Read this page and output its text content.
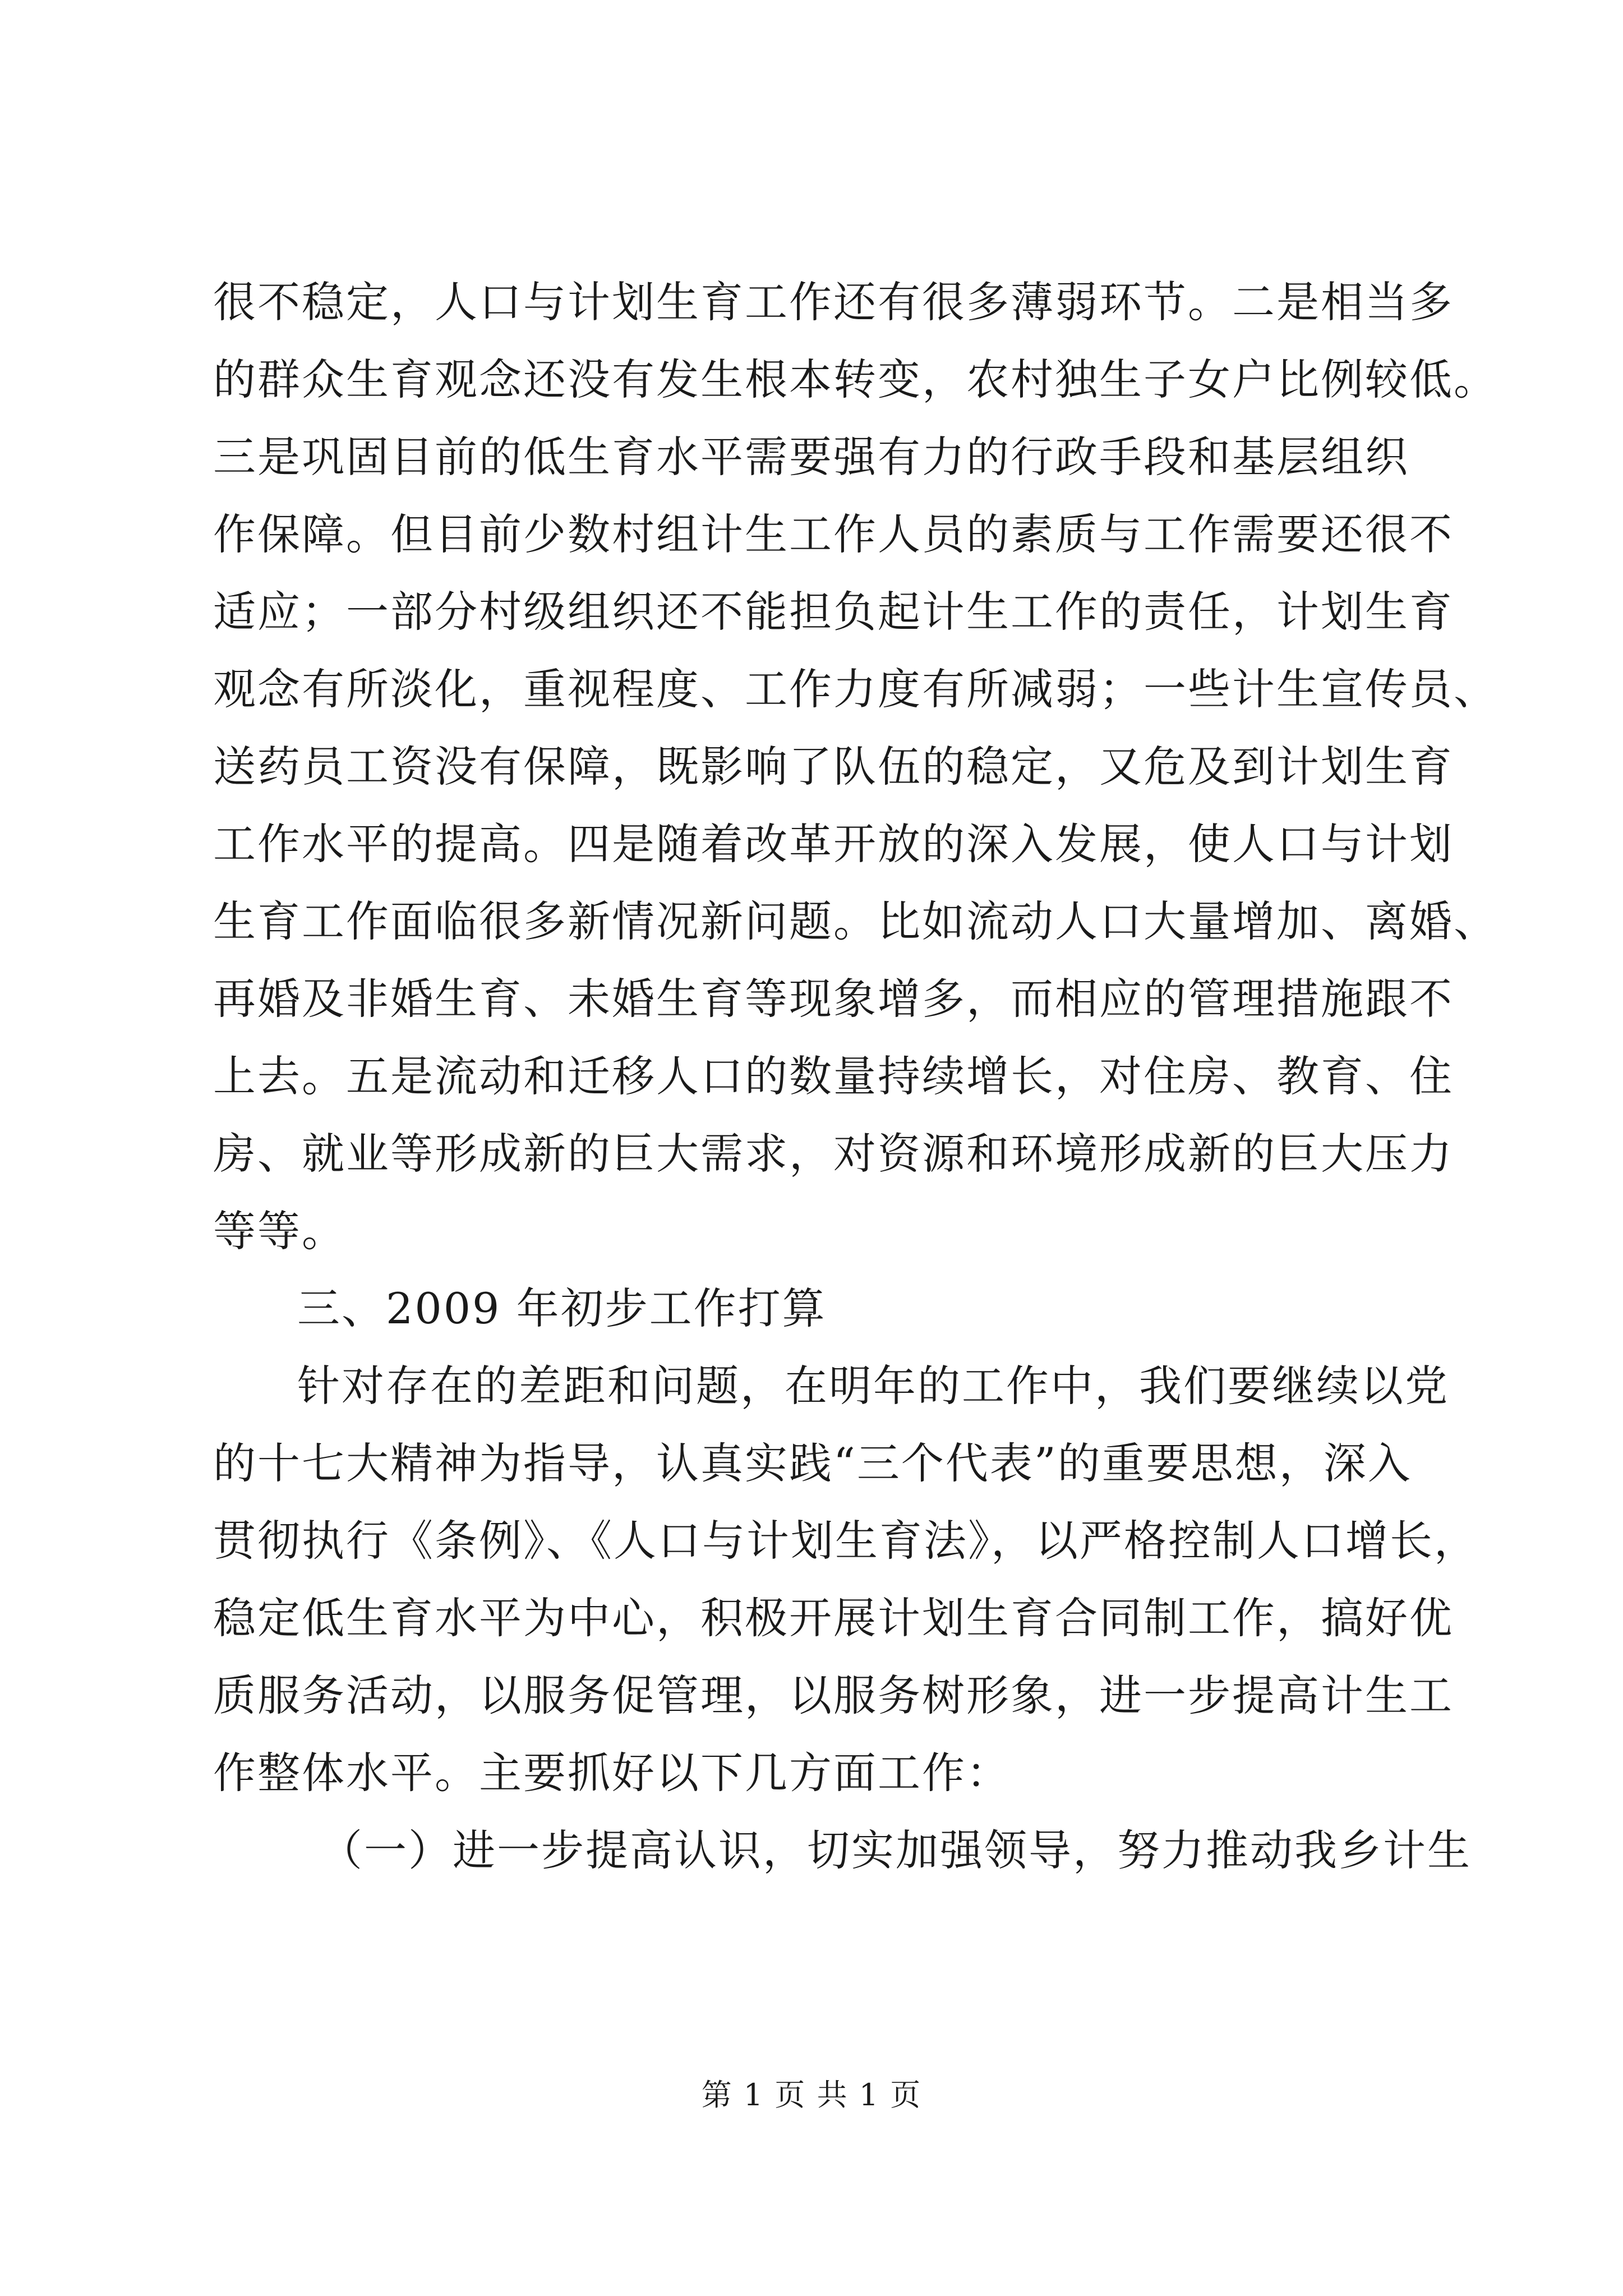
很不稳定，人口与计划生育工作还有很多薄弱环节。二是相当多
的群众生育观念还没有发生根本转变，农村独生子女户比例较低。
三是巩固目前的低生育水平需要强有力的行政手段和基层组织
作保障。但目前少数村组计生工作人员的素质与工作需要还很不
适应；一部分村级组织还不能担负起计生工作的责任，计划生育
观念有所淡化，重视程度、工作力度有所减弱；一些计生宣传员、
送药员工资没有保障，既影响了队伍的稳定，又危及到计划生育
工作水平的提高。四是随着改革开放的深入发展，使人口与计划
生育工作面临很多新情况新问题。比如流动人口大量增加、离婚、
再婚及非婚生育、未婚生育等现象增多，而相应的管理措施跟不
上去。五是流动和迁移人口的数量持续增长，对住房、教育、住
房、就业等形成新的巨大需求，对资源和环境形成新的巨大压力
等等。
三、2009 年初步工作打算
针对存在的差距和问题，在明年的工作中，我们要继续以党
的十七大精神为指导，认真实践“三个代表”的重要思想，深入
贯彻执行《条例》、《人口与计划生育法》，以严格控制人口增长，
稳定低生育水平为中心，积极开展计划生育合同制工作，搞好优
质服务活动，以服务促管理，以服务树形象，进一步提高计生工
作整体水平。主要抓好以下几方面工作：
（一）进一步提高认识，切实加强领导，努力推动我乡计生
第 1 页 共 1 页
